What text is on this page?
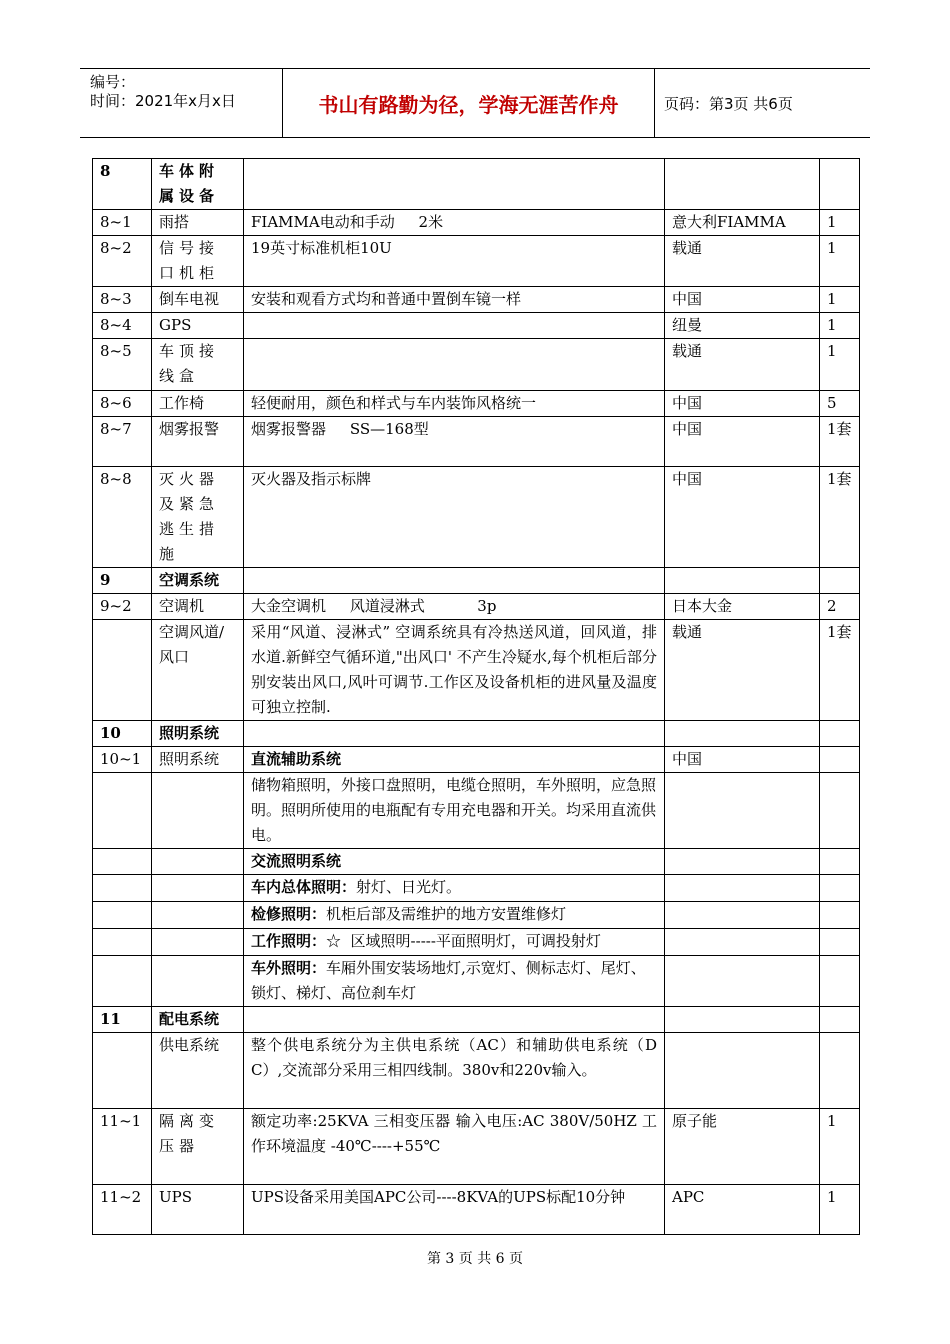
编号：
时间：2021年x月x日	书山有路勤为径，学海无涯苦作舟	页码：第3页 共6页
8	车体附属设备			
8~1	雨搭	FIAMMA电动和手动     2米	意大利FIAMMA	1
8~2	信号接口机柜	19英寸标准机柜10U	载通	1
8~3	倒车电视	安装和观看方式均和普通中置倒车镜一样	中国	1
8~4	GPS		纽曼	1
8~5	车顶接线盒		载通	1
8~6	工作椅	轻便耐用，颜色和样式与车内装饰风格统一	中国	5
8~7	烟雾报警	烟雾报警器     SS—168型	中国	1套
8~8	灭火器及紧急逃生措施	灭火器及指示标牌	中国	1套
9	空调系统			
9~2	空调机	大金空调机     风道浸淋式           3p	日本大金	2
	空调风道/风口	采用“风道、浸淋式” 空调系统具有冷热送风道，回风道，排水道.新鲜空气循环道,"出风口' 不产生冷疑水,每个机柜后部分别安装出风口,风叶可调节.工作区及设备机柜的进风量及温度可独立控制.	载通	1套
10	照明系统			
10~1	照明系统	直流辅助系统	中国	
		储物箱照明，外接口盘照明，电缆仓照明，车外照明，应急照明。照明所使用的电瓶配有专用充电器和开关。均采用直流供电。		
		交流照明系统		
		车内总体照明：射灯、日光灯。		
		检修照明：机柜后部及需维护的地方安置维修灯		
		工作照明：☆  区域照明-----平面照明灯，可调投射灯		
		车外照明：车厢外围安装场地灯,示宽灯、侧标志灯、尾灯、锁灯、梯灯、高位刹车灯		
11	配电系统			
	供电系统	整个供电系统分为主供电系统（AC）和辅助供电系统（DC）,交流部分采用三相四线制。380v和220v输入。		
11~1	隔离变压器	额定功率:25KVA 三相变压器 输入电压:AC 380V/50HZ 工作环境温度 -40℃----+55℃	原子能	1
11~2	UPS	UPS设备采用美国APC公司----8KVA的UPS标配10分钟	APC	1
第 3 页 共 6 页
